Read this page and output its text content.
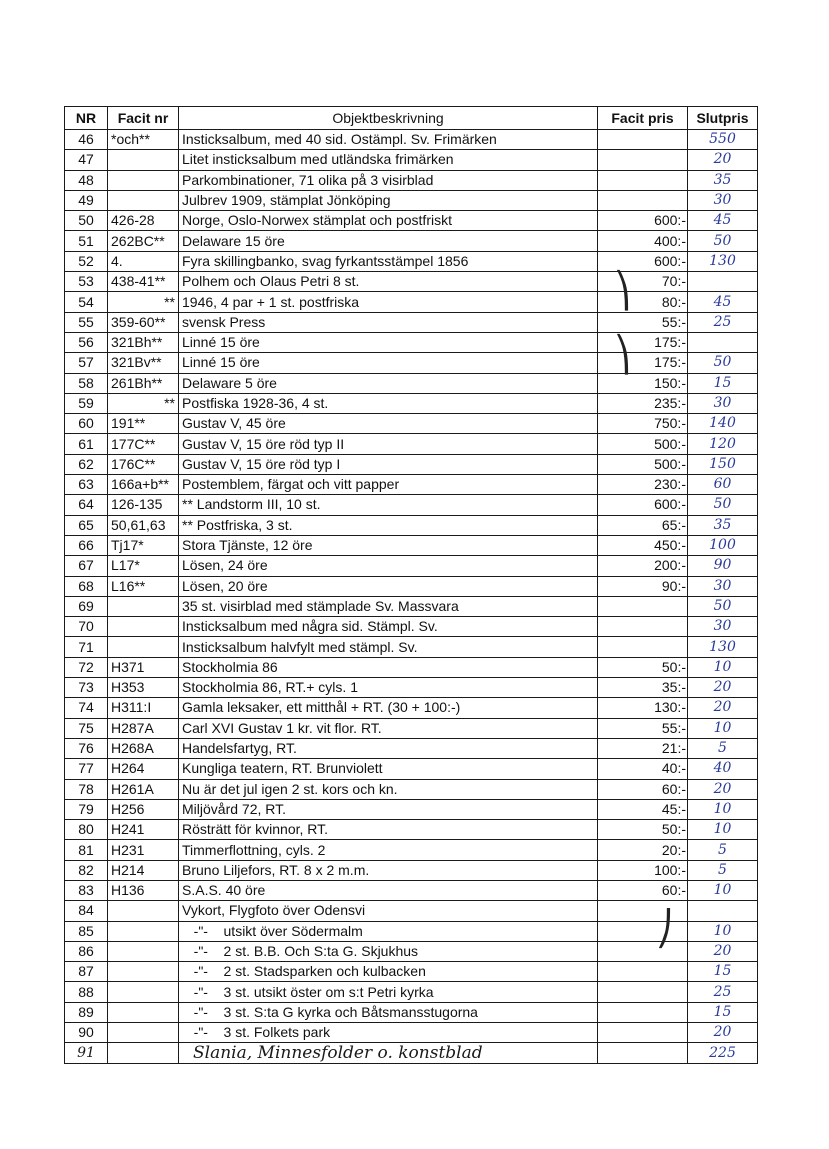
NR	Facit nr	Objektbeskrivning	Facit pris	Slutpris
46	*och**	Insticksalbum, med 40 sid. Ostämpl. Sv. Frimärken		550
47		Litet insticksalbum med utländska frimärken		20
48		Parkombinationer, 71 olika på 3 visirblad		35
49		Julbrev 1909, stämplat Jönköping		30
50	426-28	Norge, Oslo-Norwex stämplat och postfriskt	600:-	45
51	262BC**	Delaware 15 öre	400:-	50
52	4.	Fyra skillingbanko, svag fyrkantsstämpel 1856	600:-	130
53	438-41**	Polhem och Olaus Petri 8 st.	70:-	
54	**	1946, 4 par + 1 st. postfriska	80:-	45
55	359-60**	svensk Press	55:-	25
56	321Bh**	Linné 15 öre	175:-	
57	321Bv**	Linné 15 öre	175:-	50
58	261Bh**	Delaware 5 öre	150:-	15
59	**	Postfiska 1928-36, 4 st.	235:-	30
60	191**	Gustav V, 45 öre	750:-	140
61	177C**	Gustav V, 15 öre röd typ II	500:-	120
62	176C**	Gustav V, 15 öre röd typ I	500:-	150
63	166a+b**	Postemblem, färgat och vitt papper	230:-	60
64	126-135	** Landstorm III, 10 st.	600:-	50
65	50,61,63	** Postfriska, 3 st.	65:-	35
66	Tj17*	Stora Tjänste, 12 öre	450:-	100
67	L17*	Lösen, 24 öre	200:-	90
68	L16**	Lösen, 20 öre	90:-	30
69		35 st. visirblad med stämplade Sv. Massvara		50
70		Insticksalbum med några sid. Stämpl. Sv.		30
71		Insticksalbum halvfylt med stämpl. Sv.		130
72	H371	Stockholmia 86	50:-	10
73	H353	Stockholmia 86, RT.+ cyls. 1	35:-	20
74	H311:I	Gamla leksaker, ett mitthål + RT. (30 + 100:-)	130:-	20
75	H287A	Carl XVI Gustav 1 kr. vit flor. RT.	55:-	10
76	H268A	Handelsfartyg, RT.	21:-	5
77	H264	Kungliga teatern, RT. Brunviolett	40:-	40
78	H261A	Nu är det jul igen 2 st. kors och kn.	60:-	20
79	H256	Miljövård 72, RT.	45:-	10
80	H241	Rösträtt för kvinnor, RT.	50:-	10
81	H231	Timmerflottning, cyls. 2	20:-	5
82	H214	Bruno Liljefors, RT. 8 x 2 m.m.	100:-	5
83	H136	S.A.S. 40 öre	60:-	10
84		Vykort, Flygfoto över Odensvi		
85		-"-    utsikt över Södermalm		10
86		-"-    2 st. B.B. Och S:ta G. Skjukhus		20
87		-"-    2 st. Stadsparken och kulbacken		15
88		-"-    3 st. utsikt öster om s:t Petri kyrka		25
89		-"-    3 st. S:ta G kyrka och Båtsmansstugorna		15
90		-"-    3 st. Folkets park		20
91		Slania, Minnesfolder o. konstblad		225
⎞
⎞
⎠
